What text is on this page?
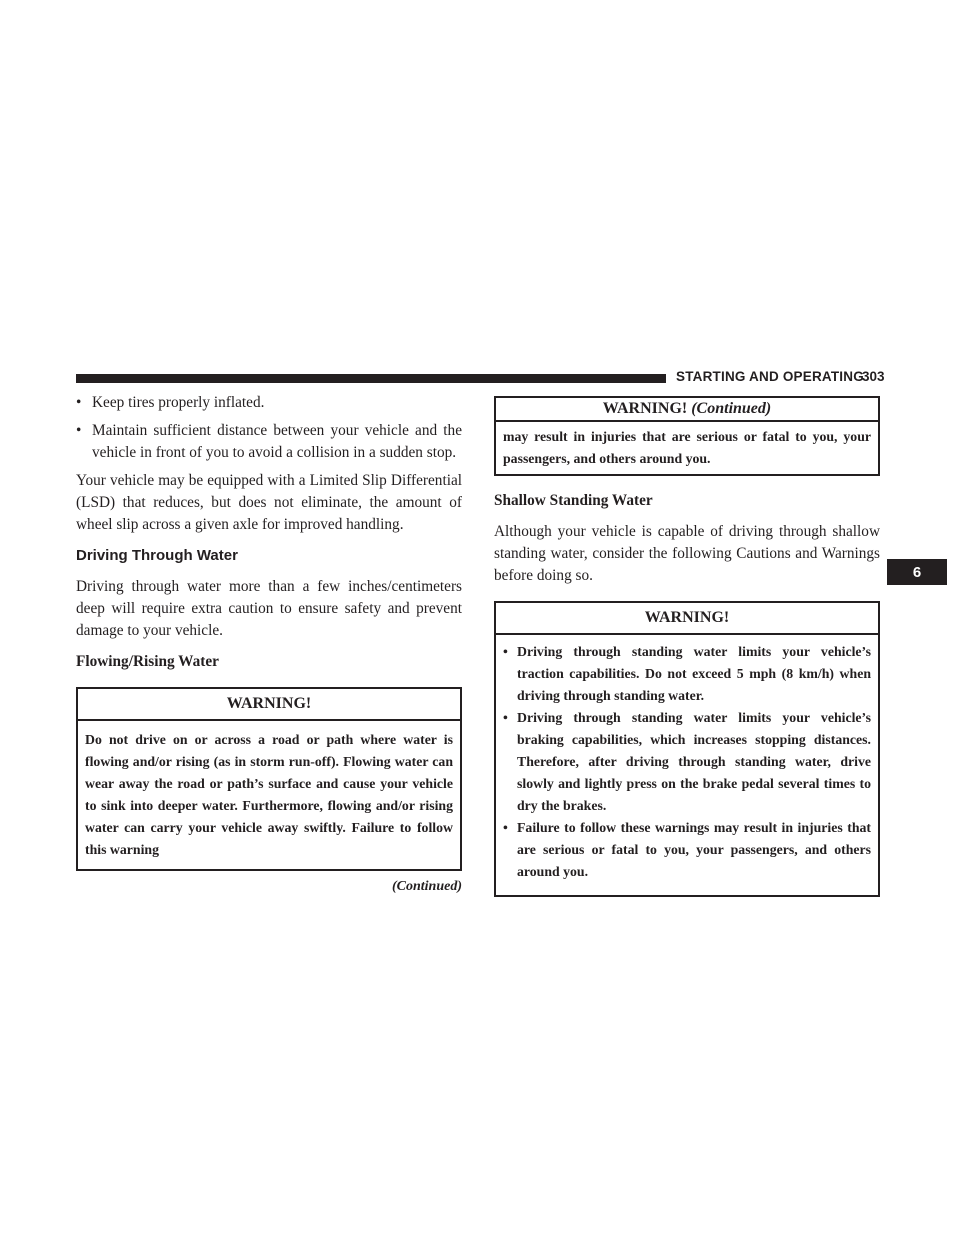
STARTING AND OPERATING
303
6
• Keep tires properly inflated.
• Maintain sufficient distance between your vehicle and the vehicle in front of you to avoid a collision in a sudden stop.

Your vehicle may be equipped with a Limited Slip Differential (LSD) that reduces, but does not eliminate, the amount of wheel slip across a given axle for improved handling.

Driving Through Water

Driving through water more than a few inches/centimeters deep will require extra caution to ensure safety and prevent damage to your vehicle.

Flowing/Rising Water
WARNING!

Do not drive on or across a road or path where water is flowing and/or rising (as in storm run-off). Flowing water can wear away the road or path’s surface and cause your vehicle to sink into deeper water. Furthermore, flowing and/or rising water can carry your vehicle away swiftly. Failure to follow this warning

(Continued)
WARNING! (Continued)

may result in injuries that are serious or fatal to you, your passengers, and others around you.

Shallow Standing Water

Although your vehicle is capable of driving through shallow standing water, consider the following Cautions and Warnings before doing so.

WARNING!
• Driving through standing water limits your vehicle’s traction capabilities. Do not exceed 5 mph (8 km/h) when driving through standing water.
• Driving through standing water limits your vehicle’s braking capabilities, which increases stopping distances. Therefore, after driving through standing water, drive slowly and lightly press on the brake pedal several times to dry the brakes.
• Failure to follow these warnings may result in injuries that are serious or fatal to you, your passengers, and others around you.
